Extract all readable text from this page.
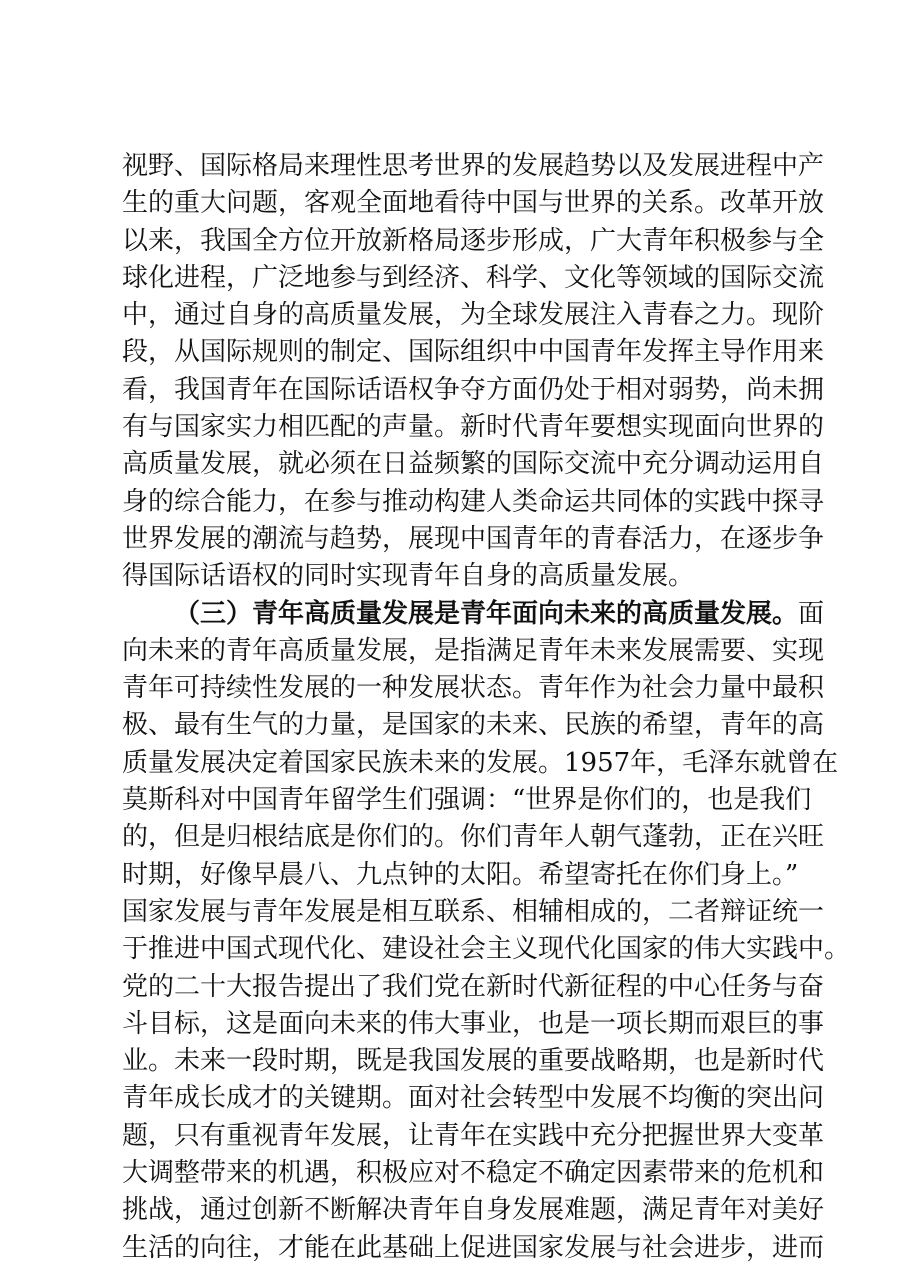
视野、国际格局来理性思考世界的发展趋势以及发展进程中产
生的重大问题，客观全面地看待中国与世界的关系。改革开放
以来，我国全方位开放新格局逐步形成，广大青年积极参与全
球化进程，广泛地参与到经济、科学、文化等领域的国际交流
中，通过自身的高质量发展，为全球发展注入青春之力。现阶
段，从国际规则的制定、国际组织中中国青年发挥主导作用来
看，我国青年在国际话语权争夺方面仍处于相对弱势，尚未拥
有与国家实力相匹配的声量。新时代青年要想实现面向世界的
高质量发展，就必须在日益频繁的国际交流中充分调动运用自
身的综合能力，在参与推动构建人类命运共同体的实践中探寻
世界发展的潮流与趋势，展现中国青年的青春活力，在逐步争
得国际话语权的同时实现青年自身的高质量发展。
（三）青年高质量发展是青年面向未来的高质量发展。面
向未来的青年高质量发展，是指满足青年未来发展需要、实现
青年可持续性发展的一种发展状态。青年作为社会力量中最积
极、最有生气的力量，是国家的未来、民族的希望，青年的高
质量发展决定着国家民族未来的发展。1957年，毛泽东就曾在
莫斯科对中国青年留学生们强调：“世界是你们的，也是我们
的，但是归根结底是你们的。你们青年人朝气蓬勃，正在兴旺
时期，好像早晨八、九点钟的太阳。希望寄托在你们身上。”
国家发展与青年发展是相互联系、相辅相成的，二者辩证统一
于推进中国式现代化、建设社会主义现代化国家的伟大实践中。
党的二十大报告提出了我们党在新时代新征程的中心任务与奋
斗目标，这是面向未来的伟大事业，也是一项长期而艰巨的事
业。未来一段时期，既是我国发展的重要战略期，也是新时代
青年成长成才的关键期。面对社会转型中发展不均衡的突出问
题，只有重视青年发展，让青年在实践中充分把握世界大变革
大调整带来的机遇，积极应对不稳定不确定因素带来的危机和
挑战，通过创新不断解决青年自身发展难题，满足青年对美好
生活的向往，才能在此基础上促进国家发展与社会进步，进而
